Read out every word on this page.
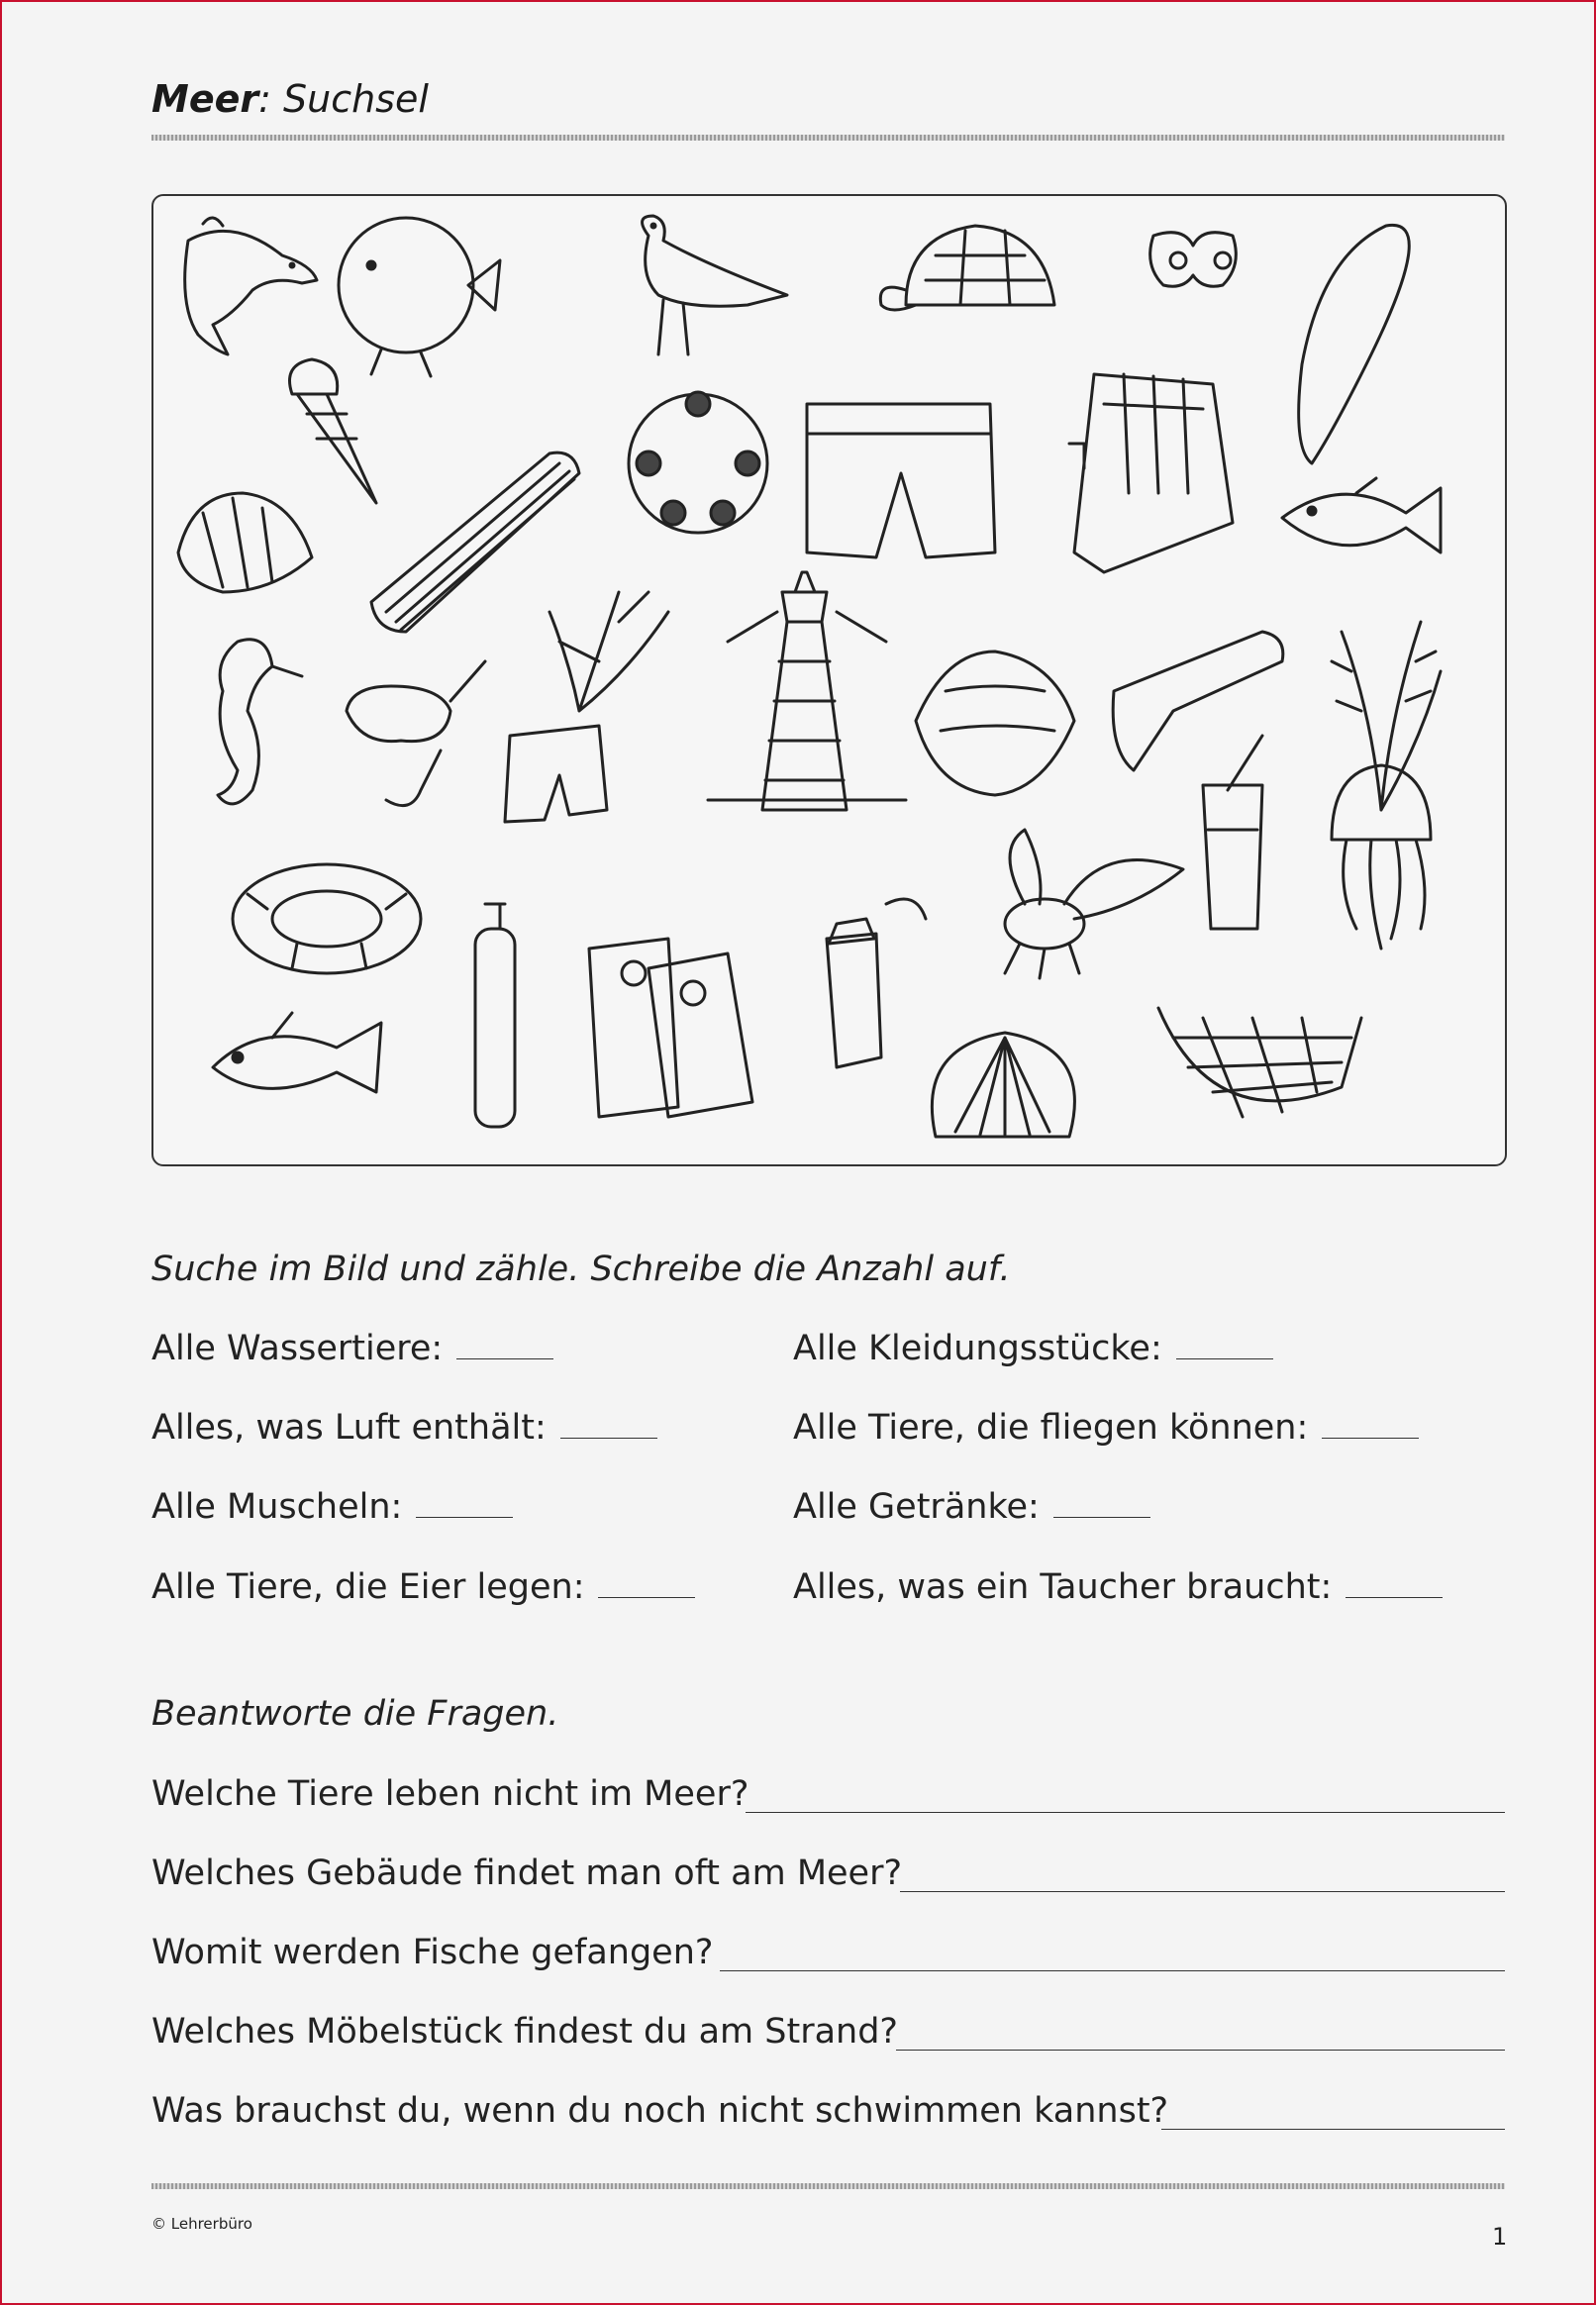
Meer: Suchsel
Suche im Bild und zähle. Schreibe die Anzahl auf.
Alle Wassertiere:
Alles, was Luft enthält:
Alle Muscheln:
Alle Tiere, die Eier legen:
Alle Kleidungsstücke:
Alle Tiere, die fliegen können:
Alle Getränke:
Alles, was ein Taucher braucht:
Beantworte die Fragen.
Welche Tiere leben nicht im Meer?
Welches Gebäude findet man oft am Meer?
Womit werden Fische gefangen?
Welches Möbelstück findest du am Strand?
Was brauchst du, wenn du noch nicht schwimmen kannst?
© Lehrerbüro	1
